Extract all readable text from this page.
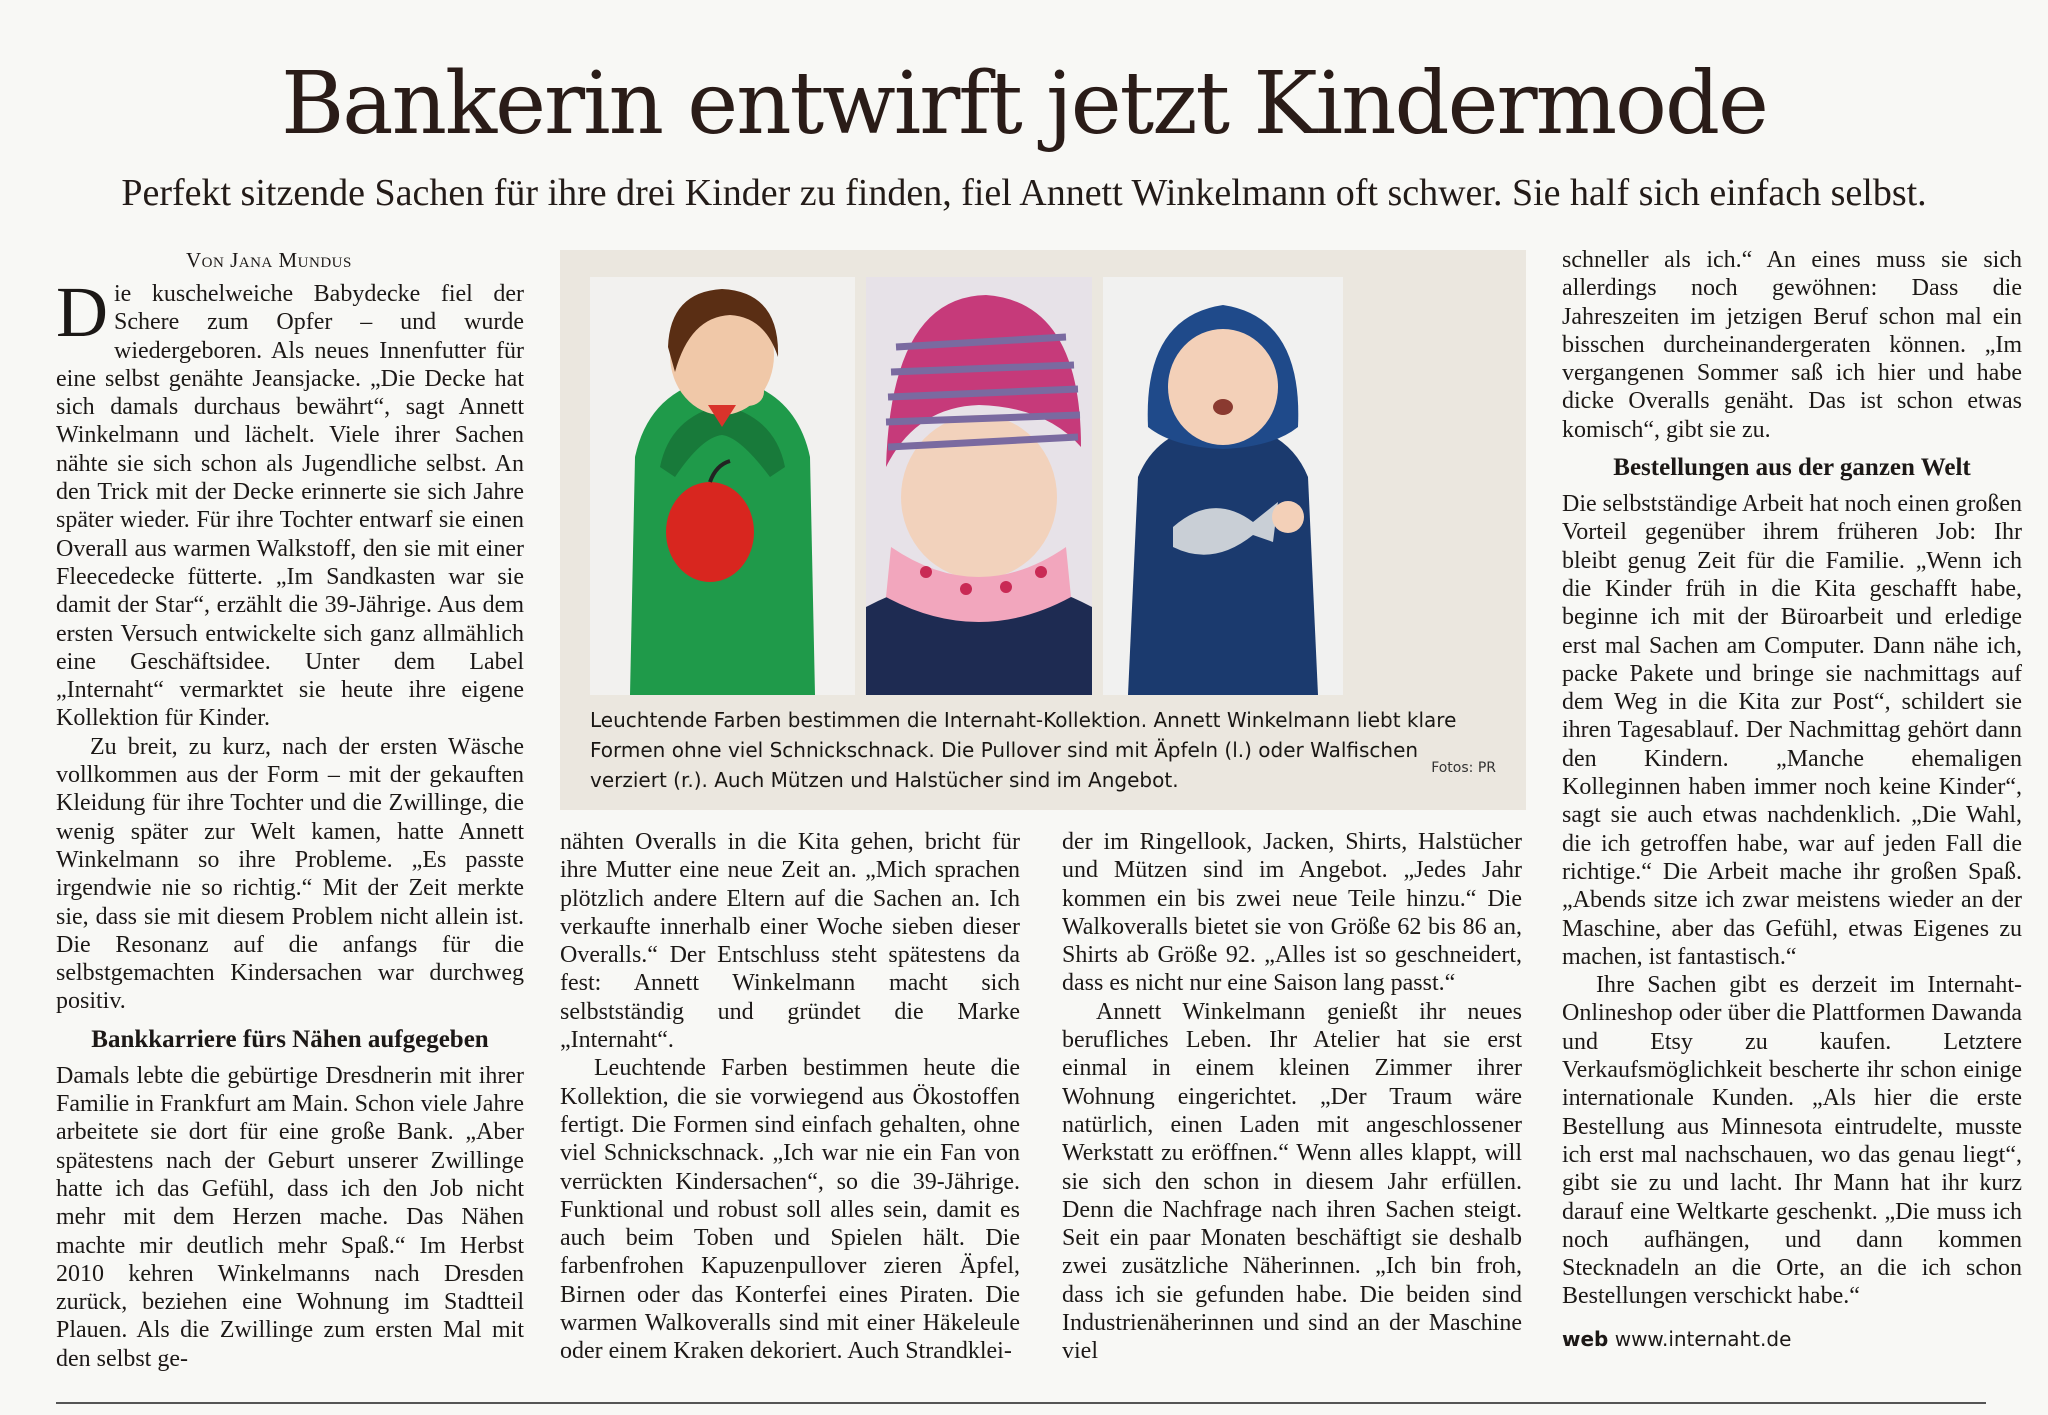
Bankerin entwirft jetzt Kindermode
Perfekt sitzende Sachen für ihre drei Kinder zu finden, fiel Annett Winkelmann oft schwer. Sie half sich einfach selbst.
Von Jana Mundus

Die kuschelweiche Babydecke fiel der Schere zum Opfer – und wurde wiedergeboren. Als neues Innenfutter für eine selbst genähte Jeansjacke. „Die Decke hat sich damals durchaus bewährt“, sagt Annett Winkelmann und lächelt. Viele ihrer Sachen nähte sie sich schon als Jugendliche selbst. An den Trick mit der Decke erinnerte sie sich Jahre später wieder. Für ihre Tochter entwarf sie einen Overall aus warmen Walkstoff, den sie mit einer Fleecedecke fütterte. „Im Sandkasten war sie damit der Star“, erzählt die 39-Jährige. Aus dem ersten Versuch entwickelte sich ganz allmählich eine Geschäftsidee. Unter dem Label „Internaht“ vermarktet sie heute ihre eigene Kollektion für Kinder.

Zu breit, zu kurz, nach der ersten Wäsche vollkommen aus der Form – mit der gekauften Kleidung für ihre Tochter und die Zwillinge, die wenig später zur Welt kamen, hatte Annett Winkelmann so ihre Probleme. „Es passte irgendwie nie so richtig.“ Mit der Zeit merkte sie, dass sie mit diesem Problem nicht allein ist. Die Resonanz auf die anfangs für die selbstgemachten Kindersachen war durchweg positiv.

Bankkarriere fürs Nähen aufgegeben

Damals lebte die gebürtige Dresdnerin mit ihrer Familie in Frankfurt am Main. Schon viele Jahre arbeitete sie dort für eine große Bank. „Aber spätestens nach der Geburt unserer Zwillinge hatte ich das Gefühl, dass ich den Job nicht mehr mit dem Herzen mache. Das Nähen machte mir deutlich mehr Spaß.“ Im Herbst 2010 kehren Winkelmanns nach Dresden zurück, beziehen eine Wohnung im Stadtteil Plauen. Als die Zwillinge zum ersten Mal mit den selbst ge-

Leuchtende Farben bestimmen die Internaht-Kollektion. Annett Winkelmann liebt klare Formen ohne viel Schnickschnack. Die Pullover sind mit Äpfeln (l.) oder Walfischen verziert (r.). Auch Mützen und Halstücher sind im Angebot.	Fotos: PR

nähten Overalls in die Kita gehen, bricht für ihre Mutter eine neue Zeit an. „Mich sprachen plötzlich andere Eltern auf die Sachen an. Ich verkaufte innerhalb einer Woche sieben dieser Overalls.“ Der Entschluss steht spätestens da fest: Annett Winkelmann macht sich selbstständig und gründet die Marke „Internaht“.

Leuchtende Farben bestimmen heute die Kollektion, die sie vorwiegend aus Ökostoffen fertigt. Die Formen sind einfach gehalten, ohne viel Schnickschnack. „Ich war nie ein Fan von verrückten Kindersachen“, so die 39-Jährige. Funktional und robust soll alles sein, damit es auch beim Toben und Spielen hält. Die farbenfrohen Kapuzenpullover zieren Äpfel, Birnen oder das Konterfei eines Piraten. Die warmen Walkoveralls sind mit einer Häkeleule oder einem Kraken dekoriert. Auch Strandklei-

der im Ringellook, Jacken, Shirts, Halstücher und Mützen sind im Angebot. „Jedes Jahr kommen ein bis zwei neue Teile hinzu.“ Die Walkoveralls bietet sie von Größe 62 bis 86 an, Shirts ab Größe 92. „Alles ist so geschneidert, dass es nicht nur eine Saison lang passt.“

Annett Winkelmann genießt ihr neues berufliches Leben. Ihr Atelier hat sie erst einmal in einem kleinen Zimmer ihrer Wohnung eingerichtet. „Der Traum wäre natürlich, einen Laden mit angeschlossener Werkstatt zu eröffnen.“ Wenn alles klappt, will sie sich den schon in diesem Jahr erfüllen. Denn die Nachfrage nach ihren Sachen steigt. Seit ein paar Monaten beschäftigt sie deshalb zwei zusätzliche Näherinnen. „Ich bin froh, dass ich sie gefunden habe. Die beiden sind Industrienäherinnen und sind an der Maschine viel

schneller als ich.“ An eines muss sie sich allerdings noch gewöhnen: Dass die Jahreszeiten im jetzigen Beruf schon mal ein bisschen durcheinandergeraten können. „Im vergangenen Sommer saß ich hier und habe dicke Overalls genäht. Das ist schon etwas komisch“, gibt sie zu.

Bestellungen aus der ganzen Welt

Die selbstständige Arbeit hat noch einen großen Vorteil gegenüber ihrem früheren Job: Ihr bleibt genug Zeit für die Familie. „Wenn ich die Kinder früh in die Kita geschafft habe, beginne ich mit der Büroarbeit und erledige erst mal Sachen am Computer. Dann nähe ich, packe Pakete und bringe sie nachmittags auf dem Weg in die Kita zur Post“, schildert sie ihren Tagesablauf. Der Nachmittag gehört dann den Kindern. „Manche ehemaligen Kolleginnen haben immer noch keine Kinder“, sagt sie auch etwas nachdenklich. „Die Wahl, die ich getroffen habe, war auf jeden Fall die richtige.“ Die Arbeit mache ihr großen Spaß. „Abends sitze ich zwar meistens wieder an der Maschine, aber das Gefühl, etwas Eigenes zu machen, ist fantastisch.“

Ihre Sachen gibt es derzeit im Internaht-Onlineshop oder über die Plattformen Dawanda und Etsy zu kaufen. Letztere Verkaufsmöglichkeit bescherte ihr schon einige internationale Kunden. „Als hier die erste Bestellung aus Minnesota eintrudelte, musste ich erst mal nachschauen, wo das genau liegt“, gibt sie zu und lacht. Ihr Mann hat ihr kurz darauf eine Weltkarte geschenkt. „Die muss ich noch aufhängen, und dann kommen Stecknadeln an die Orte, an die ich schon Bestellungen verschickt habe.“

web www.internaht.de
